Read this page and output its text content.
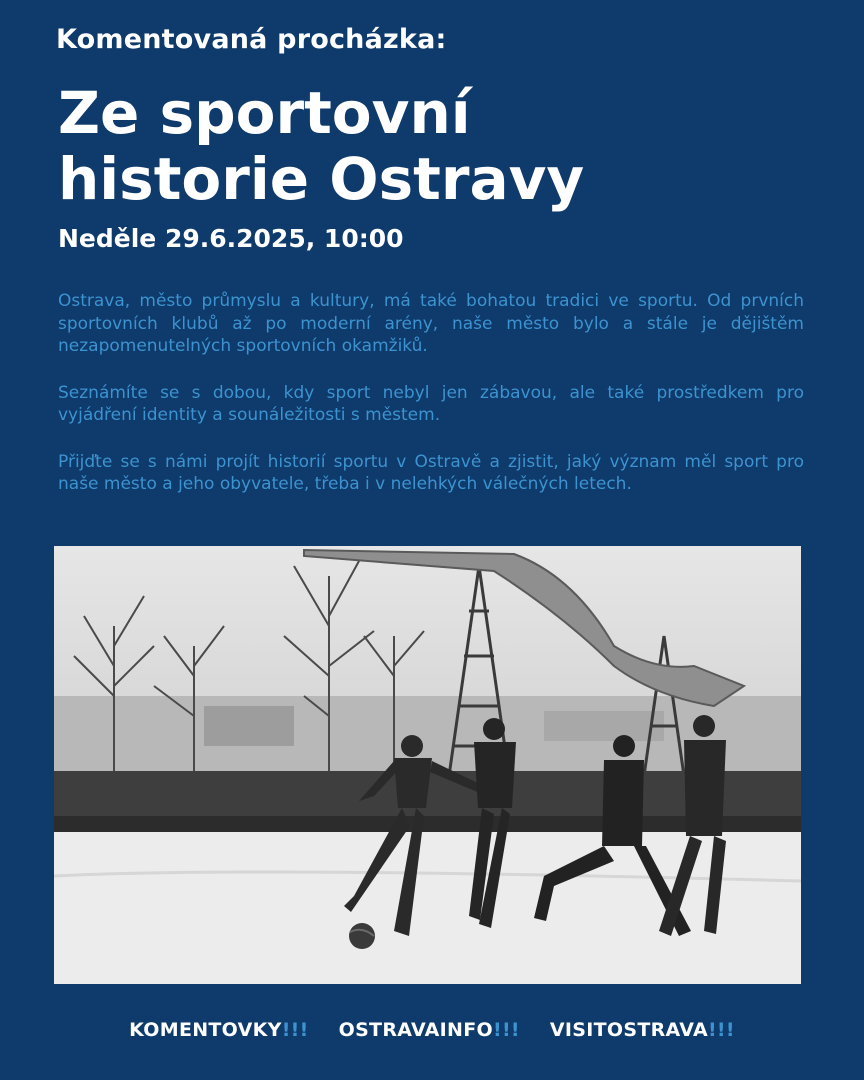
Komentovaná procházka:
Ze sportovní
historie Ostravy
Neděle 29.6.2025, 10:00

Ostrava, město průmyslu a kultury, má také bohatou tradici ve sportu. Od prvních sportovních klubů až po moderní arény, naše město bylo a stále je dějištěm nezapomenutelných sportovních okamžiků.

Seznámíte se s dobou, kdy sport nebyl jen zábavou, ale také prostředkem pro vyjádření identity a sounáležitosti s městem.

Přijďte se s námi projít historií sportu v Ostravě a zjistit, jaký význam měl sport pro naše město a jeho obyvatele, třeba i v nelehkých válečných letech.

KOMENTOVKY!!! OSTRAVAINFO!!! VISITOSTRAVA!!!
